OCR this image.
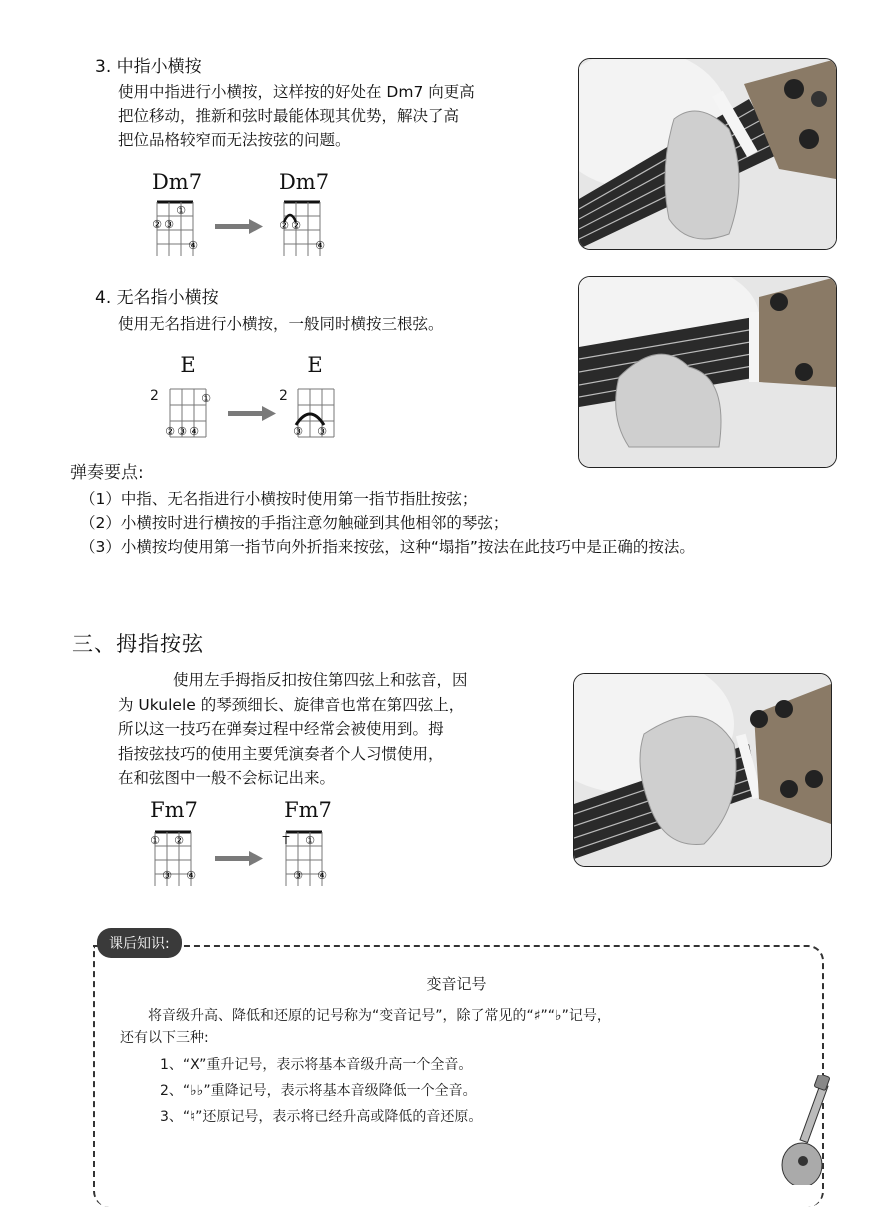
3. 中指小横按
使用中指进行小横按，这样按的好处在 Dm7 向更高
把位移动，推新和弦时最能体现其优势，解决了高
把位品格较窄而无法按弦的问题。
Dm7
①
② ③
④
Dm7
② ②
④
4. 无名指小横按
使用无名指进行小横按，一般同时横按三根弦。
E
2	①
② ③ ④
E
2
③ ③
弹奏要点:
（1）中指、无名指进行小横按时使用第一指节指肚按弦；
（2）小横按时进行横按的手指注意勿触碰到其他相邻的琴弦；
（3）小横按均使用第一指节向外折指来按弦，这种“塌指”按法在此技巧中是正确的按法。
三、拇指按弦
使用左手拇指反扣按住第四弦上和弦音，因
为 Ukulele 的琴颈细长、旋律音也常在第四弦上，
所以这一技巧在弹奏过程中经常会被使用到。拇
指按弦技巧的使用主要凭演奏者个人习惯使用，
在和弦图中一般不会标记出来。
Fm7
① ②
③ ④
Fm7
T ①
③ ④
课后知识:
变音记号
将音级升高、降低和还原的记号称为“变音记号”，除了常见的“♯”“♭”记号，
还有以下三种:
1、“X”重升记号，表示将基本音级升高一个全音。
2、“♭♭”重降记号，表示将基本音级降低一个全音。
3、“♮”还原记号，表示将已经升高或降低的音还原。
